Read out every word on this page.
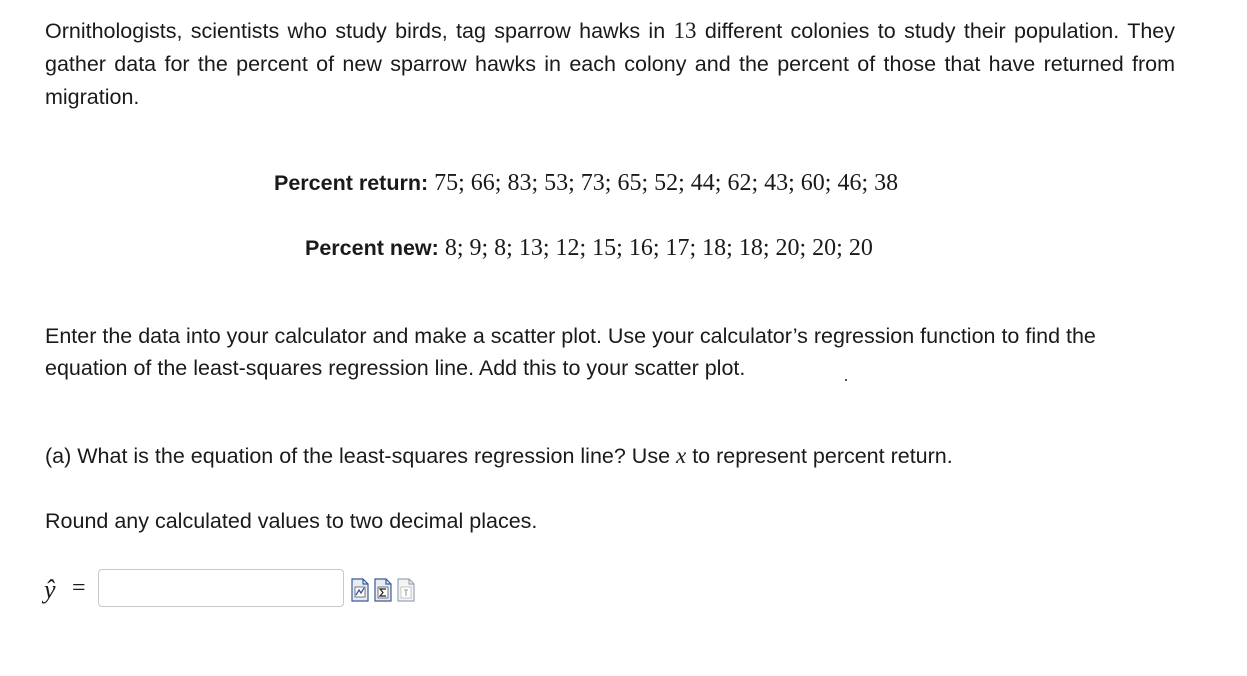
Ornithologists, scientists who study birds, tag sparrow hawks in 13 different colonies to study their population. They gather data for the percent of new sparrow hawks in each colony and the percent of those that have returned from migration.

Percent return: 75; 66; 83; 53; 73; 65; 52; 44; 62; 43; 60; 46; 38
Percent new: 8; 9; 8; 13; 12; 15; 16; 17; 18; 18; 20; 20; 20

Enter the data into your calculator and make a scatter plot. Use your calculator’s regression function to find the equation of the least-squares regression line. Add this to your scatter plot.

(a) What is the equation of the least-squares regression line? Use x to represent percent return.

Round any calculated values to two decimal places.

ŷ =
